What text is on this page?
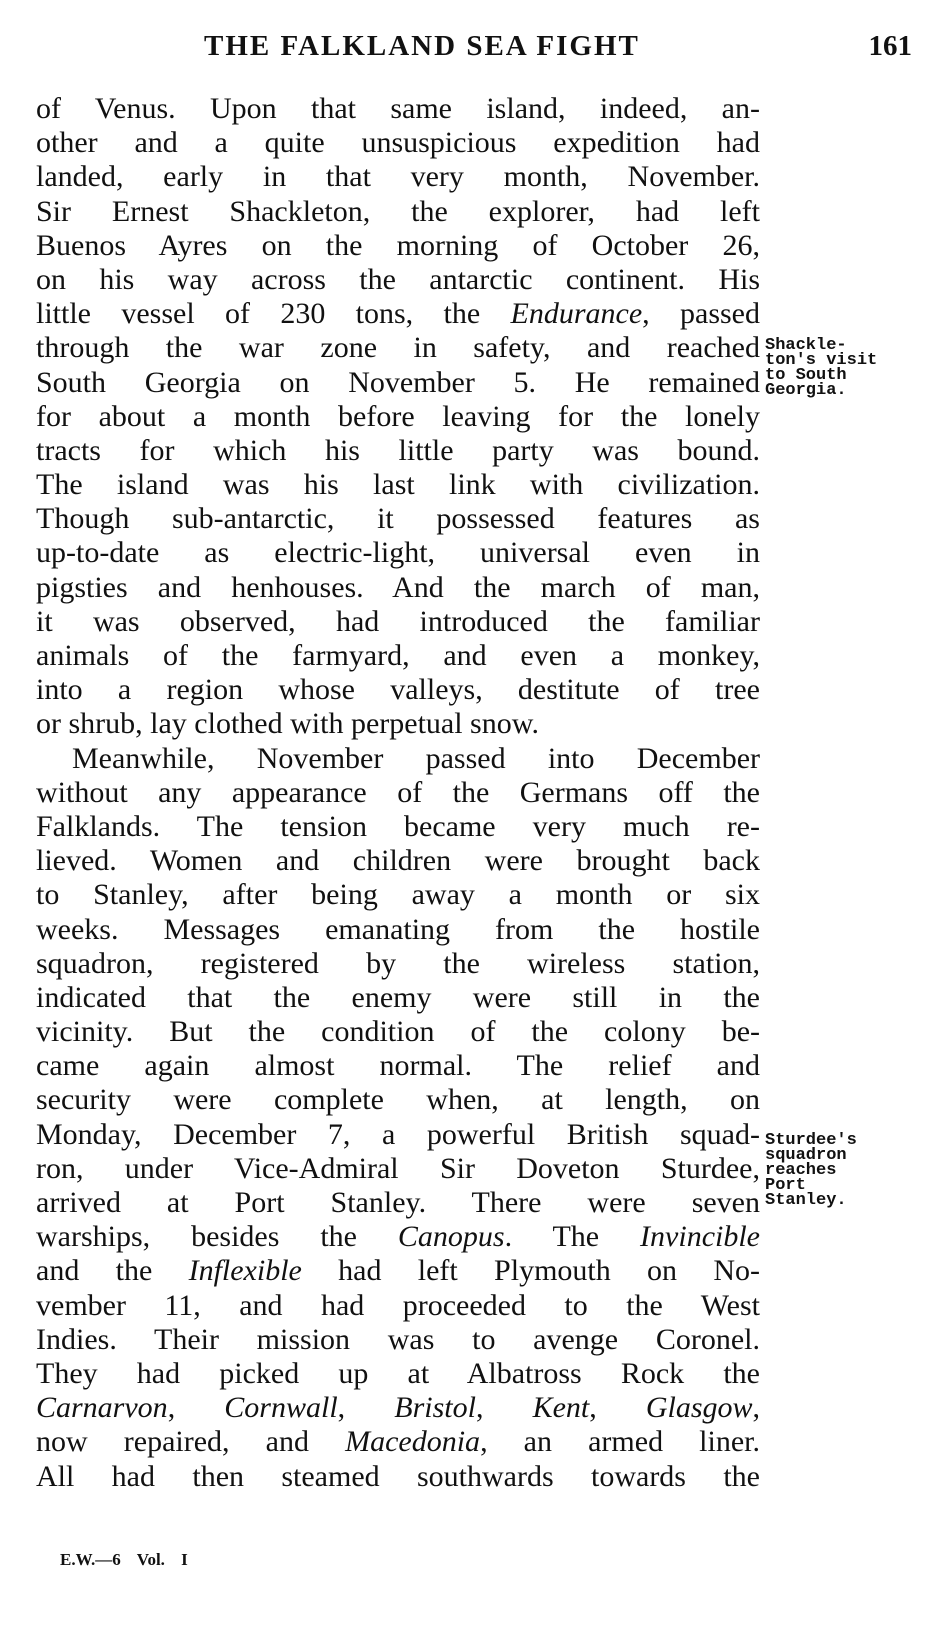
THE FALKLAND SEA FIGHT	161
of Venus. Upon that same island, indeed, an-
other and a quite unsuspicious expedition had
landed, early in that very month, November.
Sir Ernest Shackleton, the explorer, had left
Buenos Ayres on the morning of October 26,
on his way across the antarctic continent. His
little vessel of 230 tons, the Endurance, passed
through the war zone in safety, and reached
South Georgia on November 5. He remained
for about a month before leaving for the lonely
tracts for which his little party was bound.
The island was his last link with civilization.
Though sub-antarctic, it possessed features as
up-to-date as electric-light, universal even in
pigsties and henhouses. And the march of man,
it was observed, had introduced the familiar
animals of the farmyard, and even a monkey,
into a region whose valleys, destitute of tree
or shrub, lay clothed with perpetual snow.
Meanwhile, November passed into December
without any appearance of the Germans off the
Falklands. The tension became very much re-
lieved. Women and children were brought back
to Stanley, after being away a month or six
weeks. Messages emanating from the hostile
squadron, registered by the wireless station,
indicated that the enemy were still in the
vicinity. But the condition of the colony be-
came again almost normal. The relief and
security were complete when, at length, on
Monday, December 7, a powerful British squad-
ron, under Vice-Admiral Sir Doveton Sturdee,
arrived at Port Stanley. There were seven
warships, besides the Canopus. The Invincible
and the Inflexible had left Plymouth on No-
vember 11, and had proceeded to the West
Indies. Their mission was to avenge Coronel.
They had picked up at Albatross Rock the
Carnarvon, Cornwall, Bristol, Kent, Glasgow,
now repaired, and Macedonia, an armed liner.
All had then steamed southwards towards the
Shackle-
ton's visit
to South
Georgia.
Sturdee's
squadron
reaches
Port
Stanley.
E.W.—6 Vol. I
